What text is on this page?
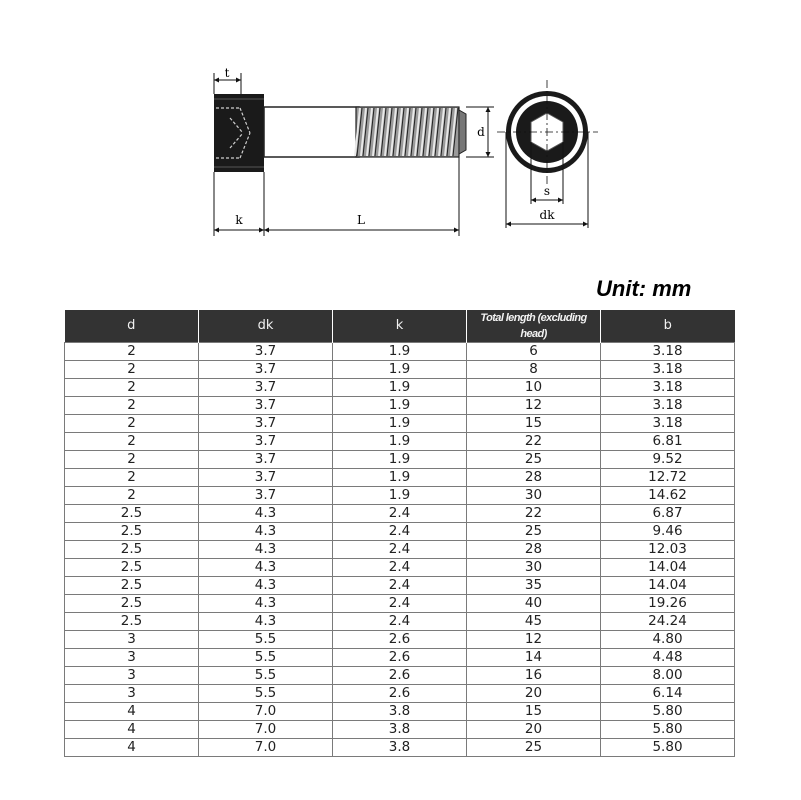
t
d
k	L
s
dk
Unit: mm
d	dk	k	Total length (excluding head)	b
2	3.7	1.9	6	3.18
2	3.7	1.9	8	3.18
2	3.7	1.9	10	3.18
2	3.7	1.9	12	3.18
2	3.7	1.9	15	3.18
2	3.7	1.9	22	6.81
2	3.7	1.9	25	9.52
2	3.7	1.9	28	12.72
2	3.7	1.9	30	14.62
2.5	4.3	2.4	22	6.87
2.5	4.3	2.4	25	9.46
2.5	4.3	2.4	28	12.03
2.5	4.3	2.4	30	14.04
2.5	4.3	2.4	35	14.04
2.5	4.3	2.4	40	19.26
2.5	4.3	2.4	45	24.24
3	5.5	2.6	12	4.80
3	5.5	2.6	14	4.48
3	5.5	2.6	16	8.00
3	5.5	2.6	20	6.14
4	7.0	3.8	15	5.80
4	7.0	3.8	20	5.80
4	7.0	3.8	25	5.80
